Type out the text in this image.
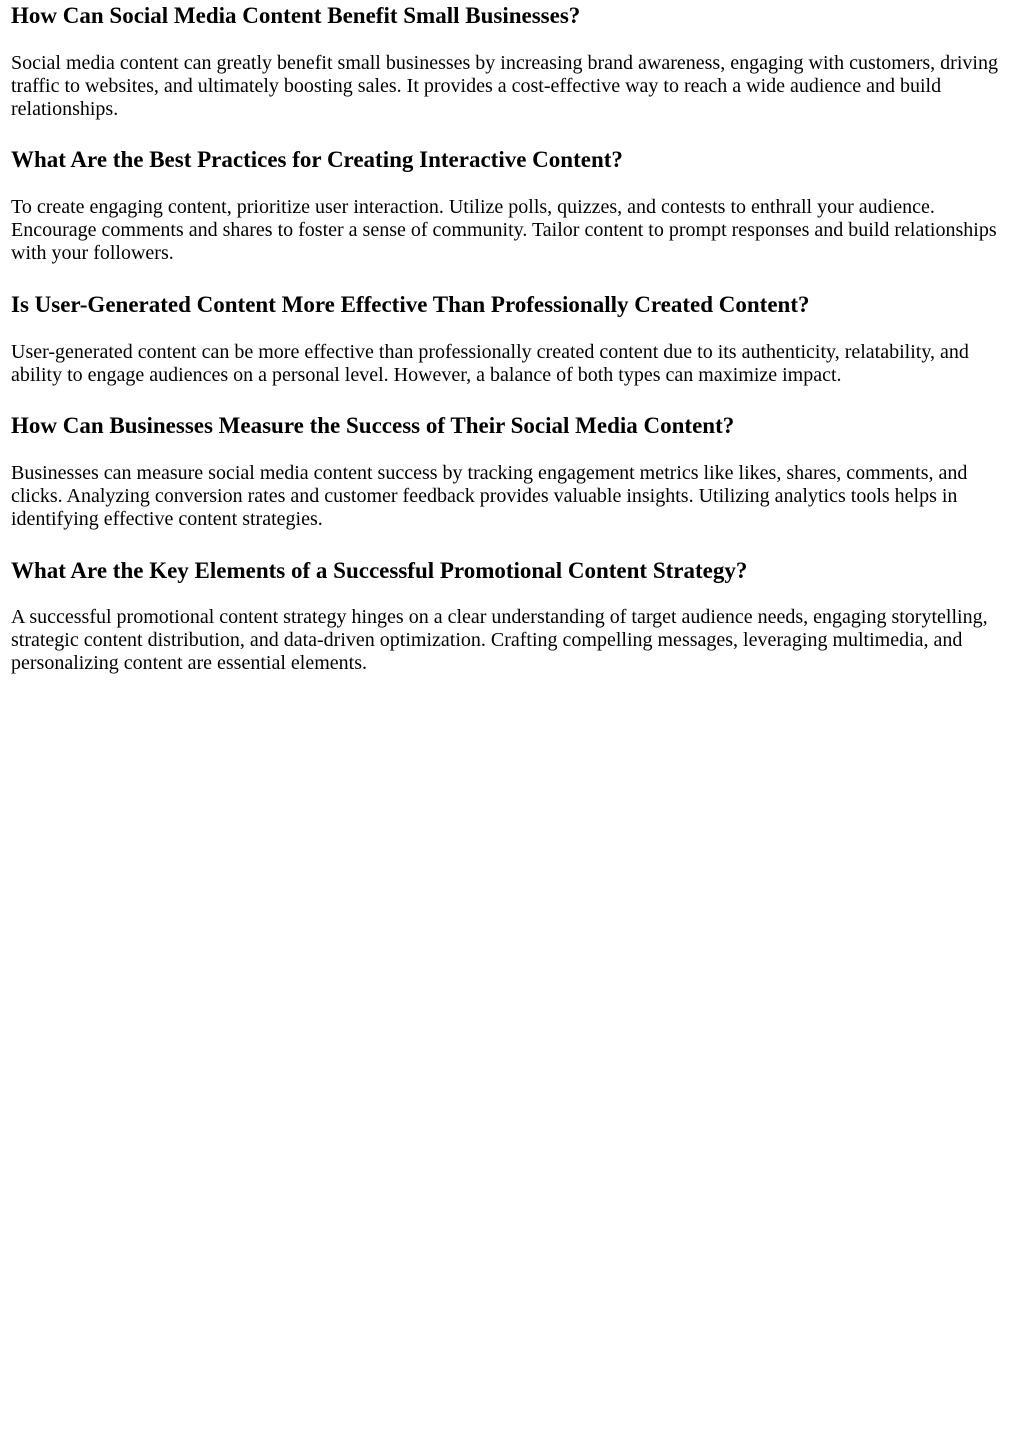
How Can Social Media Content Benefit Small Businesses?

Social media content can greatly benefit small businesses by increasing brand awareness, engaging with customers, driving traffic to websites, and ultimately boosting sales. It provides a cost-effective way to reach a wide audience and build relationships.

What Are the Best Practices for Creating Interactive Content?

To create engaging content, prioritize user interaction. Utilize polls, quizzes, and contests to enthrall your audience. Encourage comments and shares to foster a sense of community. Tailor content to prompt responses and build relationships with your followers.

Is User-Generated Content More Effective Than Professionally Created Content?

User-generated content can be more effective than professionally created content due to its authenticity, relatability, and ability to engage audiences on a personal level. However, a balance of both types can maximize impact.

How Can Businesses Measure the Success of Their Social Media Content?

Businesses can measure social media content success by tracking engagement metrics like likes, shares, comments, and clicks. Analyzing conversion rates and customer feedback provides valuable insights. Utilizing analytics tools helps in identifying effective content strategies.

What Are the Key Elements of a Successful Promotional Content Strategy?

A successful promotional content strategy hinges on a clear understanding of target audience needs, engaging storytelling, strategic content distribution, and data-driven optimization. Crafting compelling messages, leveraging multimedia, and personalizing content are essential elements.
